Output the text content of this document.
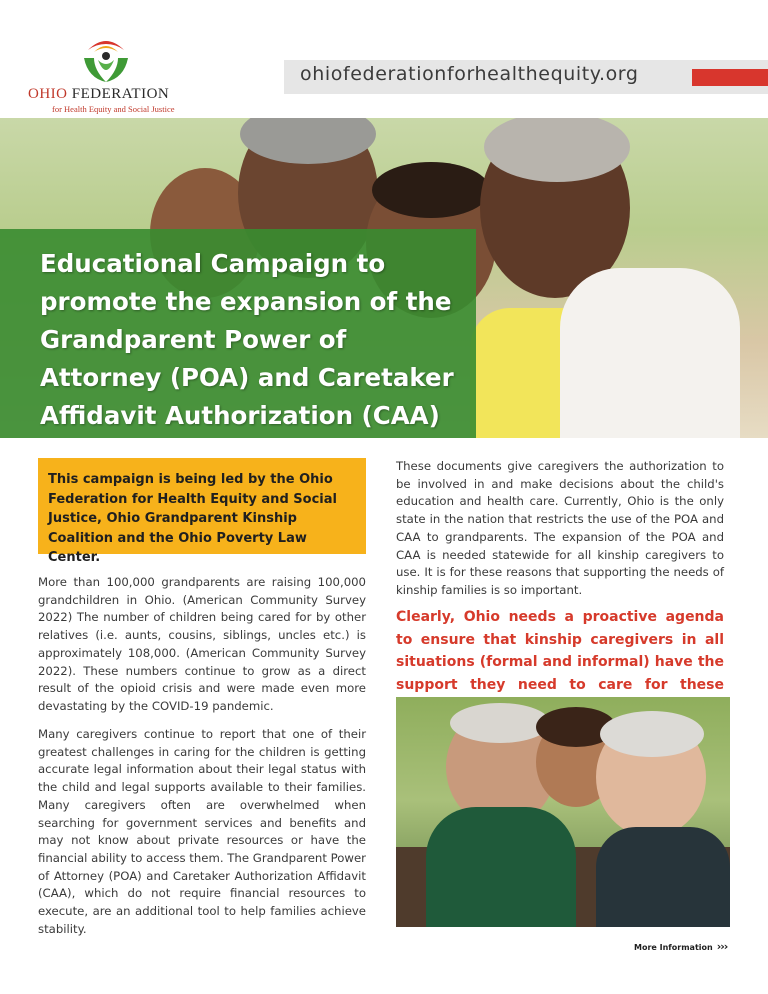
OHIO FEDERATION
for Health Equity and Social Justice
ohiofederationforhealthequity.org
Educational Campaign to promote the expansion of the Grandparent Power of Attorney (POA) and Caretaker Affidavit Authorization (CAA)

This campaign is being led by the Ohio Federation for Health Equity and Social Justice, Ohio Grandparent Kinship Coalition and the Ohio Poverty Law Center.

More than 100,000 grandparents are raising 100,000 grandchildren in Ohio. (American Community Survey 2022) The number of children being cared for by other relatives (i.e. aunts, cousins, siblings, uncles etc.) is approximately 108,000. (American Community Survey 2022). These numbers continue to grow as a direct result of the opioid crisis and were made even more devastating by the COVID-19 pandemic.

Many caregivers continue to report that one of their greatest challenges in caring for the children is getting accurate legal information about their legal status with the child and legal supports available to their families. Many caregivers often are overwhelmed when searching for government services and benefits and may not know about private resources or have the financial ability to access them. The Grandparent Power of Attorney (POA) and Caretaker Authorization Affidavit (CAA), which do not require financial resources to execute, are an additional tool to help families achieve stability.

These documents give caregivers the authorization to be involved in and make decisions about the child's education and health care. Currently, Ohio is the only state in the nation that restricts the use of the POA and CAA to grandparents. The expansion of the POA and CAA is needed statewide for all kinship caregivers to use. It is for these reasons that supporting the needs of kinship families is so important.

Clearly, Ohio needs a proactive agenda to ensure that kinship caregivers in all situations (formal and informal) have the support they need to care for these

More Information ›››
